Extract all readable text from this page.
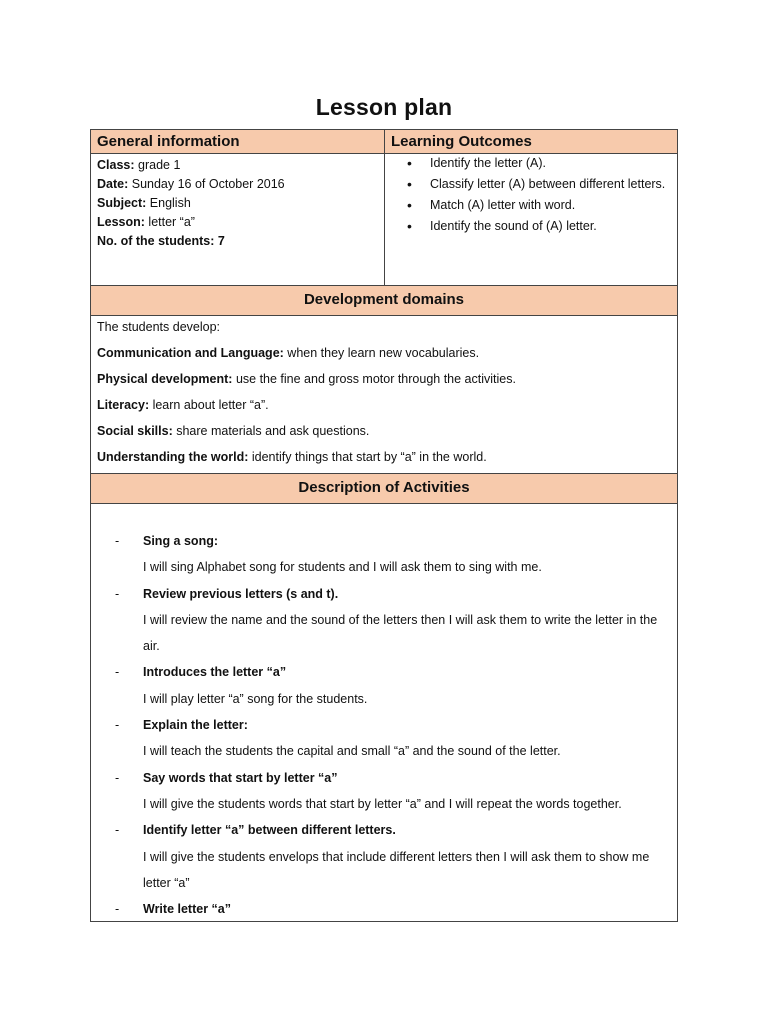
Lesson plan
General information	Learning Outcomes
Class: grade 1
Date: Sunday 16 of October 2016
Subject: English
Lesson: letter “a”
No. of the students: 7
• Identify the letter (A).
• Classify letter (A) between different letters.
• Match (A) letter with word.
• Identify the sound of (A) letter.
Development domains

The students develop:

Communication and Language: when they learn new vocabularies.

Physical development: use the fine and gross motor through the activities.

Literacy: learn about letter “a”.

Social skills: share materials and ask questions.

Understanding the world: identify things that start by “a” in the world.

Description of Activities
-	Sing a song:
I will sing Alphabet song for students and I will ask them to sing with me.
-	Review previous letters (s and t).
I will review the name and the sound of the letters then I will ask them to write the letter in the air.
-	Introduces the letter “a”
I will play letter “a” song for the students.
-	Explain the letter:
I will teach the students the capital and small “a” and the sound of the letter.
-	Say words that start by letter “a”
I will give the students words that start by letter “a” and I will repeat the words together.
-	Identify letter “a” between different letters.
I will give the students envelops that include different letters then I will ask them to show me letter “a”
-	Write letter “a”
